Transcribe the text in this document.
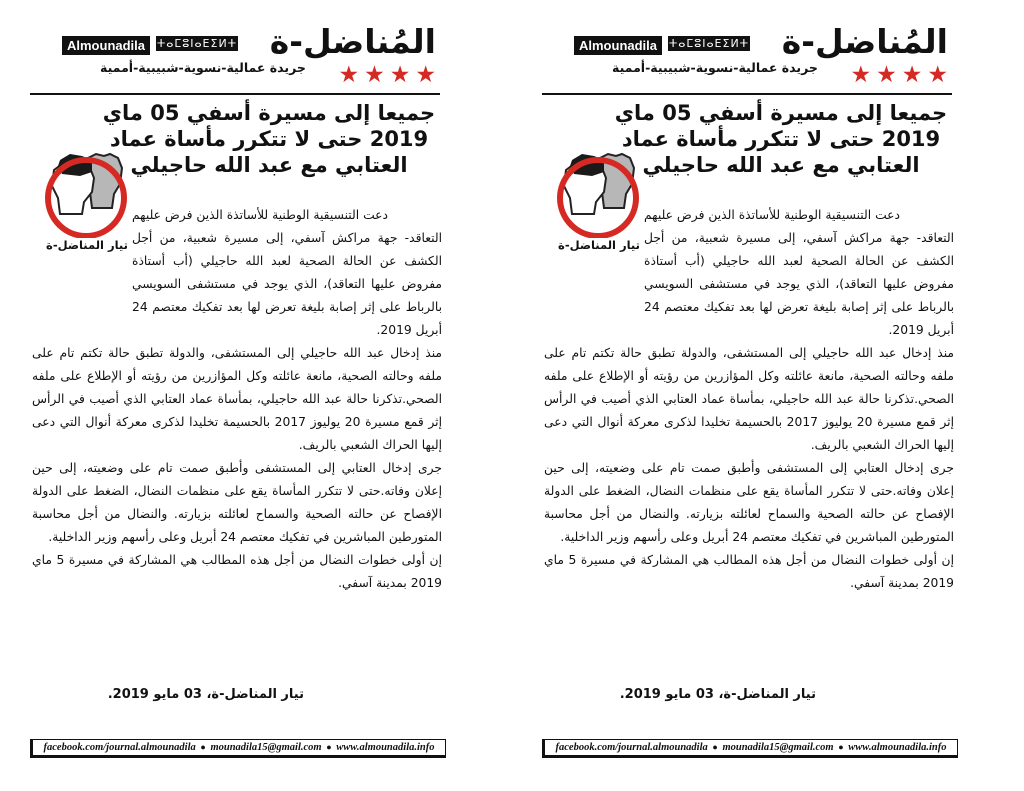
المُناضل-ة
Almounadila	ⵜⴰⵎⵓⵏⴰⴹⵉⵍⵜ
جريدة عمالية-نسوية-شبيبية-أممية ★ ★ ★ ★
جميعا إلى مسيرة أسفي 05 ماي 2019 حتى لا تتكرر مأساة عماد العتابي مع عبد الله حاجيلي
تيار المناضل-ة

دعت التنسيقية الوطنية للأساتذة الذين فرض عليهم التعاقد- جهة مراكش آسفي، إلى مسيرة شعبية، من أجل الكشف عن الحالة الصحية لعبد الله حاجيلي (أب أستاذة مفروض عليها التعاقد)، الذي يوجد في مستشفى السويسي بالرباط على إثر إصابة بليغة تعرض لها بعد تفكيك معتصم 24 أبريل 2019.

منذ إدخال عبد الله حاجيلي إلى المستشفى، والدولة تطبق حالة تكتم تام على ملفه وحالته الصحية، مانعة عائلته وكل المؤازرين من رؤيته أو الإطلاع على ملفه الصحي.تذكرنا حالة عبد الله حاجيلي، بمأساة عماد العتابي الذي أصيب في الرأس إثر قمع مسيرة 20 يوليوز 2017 بالحسيمة تخليدا لذكرى معركة أنوال التي دعى إليها الحراك الشعبي بالريف.

جرى إدخال العتابي إلى المستشفى وأطبق صمت تام على وضعيته، إلى حين إعلان وفاته.حتى لا تتكرر المأساة يقع على منظمات النضال، الضغط على الدولة الإفصاح عن حالته الصحية والسماح لعائلته بزيارته. والنضال من أجل محاسبة المتورطين المباشرين في تفكيك معتصم 24 أبريل وعلى رأسهم وزير الداخلية.

إن أولى خطوات النضال من أجل هذه المطالب هي المشاركة في مسيرة 5 ماي 2019 بمدينة آسفي.

تيار المناضل-ة، 03 مايو 2019.
facebook.com/journal.almounadila ● mounadila15@gmail.com ● www.almounadila.info
المُناضل-ة
Almounadila	ⵜⴰⵎⵓⵏⴰⴹⵉⵍⵜ
جريدة عمالية-نسوية-شبيبية-أممية ★ ★ ★ ★
جميعا إلى مسيرة أسفي 05 ماي 2019 حتى لا تتكرر مأساة عماد العتابي مع عبد الله حاجيلي
تيار المناضل-ة

دعت التنسيقية الوطنية للأساتذة الذين فرض عليهم التعاقد- جهة مراكش آسفي، إلى مسيرة شعبية، من أجل الكشف عن الحالة الصحية لعبد الله حاجيلي (أب أستاذة مفروض عليها التعاقد)، الذي يوجد في مستشفى السويسي بالرباط على إثر إصابة بليغة تعرض لها بعد تفكيك معتصم 24 أبريل 2019.

منذ إدخال عبد الله حاجيلي إلى المستشفى، والدولة تطبق حالة تكتم تام على ملفه وحالته الصحية، مانعة عائلته وكل المؤازرين من رؤيته أو الإطلاع على ملفه الصحي.تذكرنا حالة عبد الله حاجيلي، بمأساة عماد العتابي الذي أصيب في الرأس إثر قمع مسيرة 20 يوليوز 2017 بالحسيمة تخليدا لذكرى معركة أنوال التي دعى إليها الحراك الشعبي بالريف.

جرى إدخال العتابي إلى المستشفى وأطبق صمت تام على وضعيته، إلى حين إعلان وفاته.حتى لا تتكرر المأساة يقع على منظمات النضال، الضغط على الدولة الإفصاح عن حالته الصحية والسماح لعائلته بزيارته. والنضال من أجل محاسبة المتورطين المباشرين في تفكيك معتصم 24 أبريل وعلى رأسهم وزير الداخلية.

إن أولى خطوات النضال من أجل هذه المطالب هي المشاركة في مسيرة 5 ماي 2019 بمدينة آسفي.

تيار المناضل-ة، 03 مايو 2019.
facebook.com/journal.almounadila ● mounadila15@gmail.com ● www.almounadila.info
